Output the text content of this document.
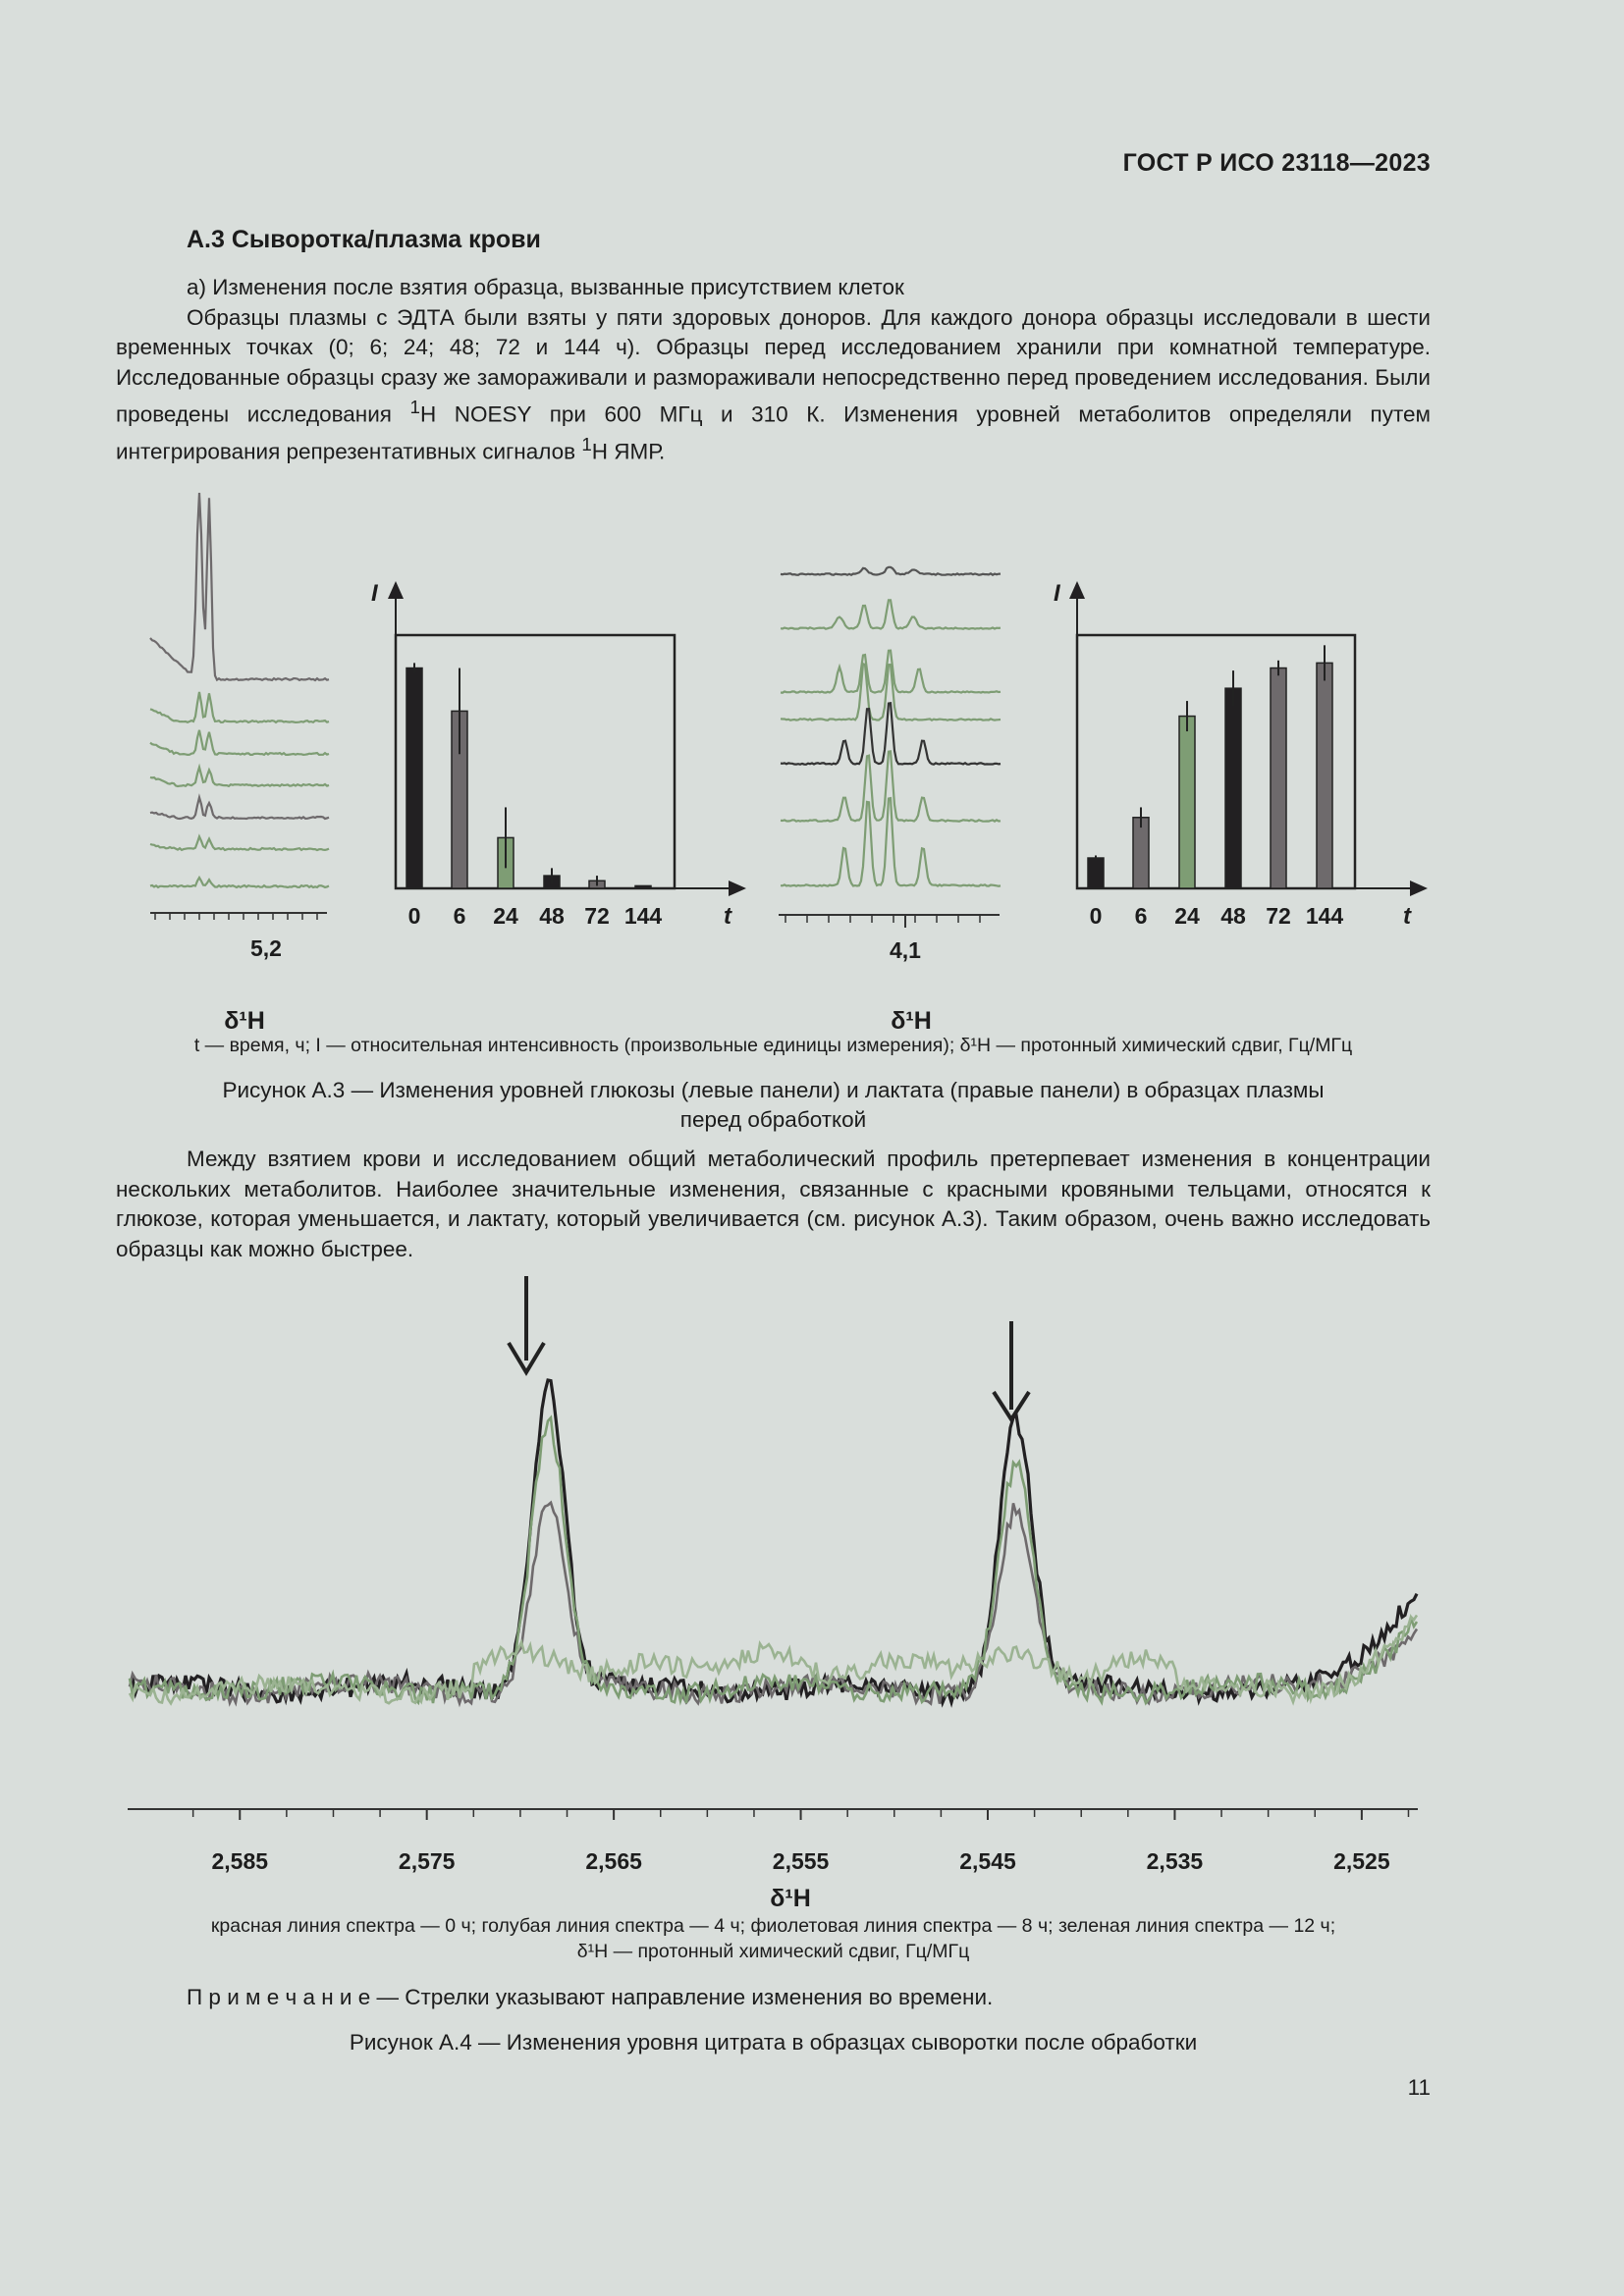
ГОСТ Р ИСО 23118—2023
А.3 Сыворотка/плазма крови

а) Изменения после взятия образца, вызванные присутствием клеток

Образцы плазмы с ЭДТА были взяты у пяти здоровых доноров. Для каждого донора образцы исследовали в шести временных точках (0; 6; 24; 48; 72 и 144 ч). Образцы перед исследованием хранили при комнатной температуре. Исследованные образцы сразу же замораживали и размораживали непосредственно перед проведением исследования. Были проведены исследования $^1$Н NOESY при 600 МГц и 310 К. Изменения уровней метаболитов определяли путем интегрирования репрезентативных сигналов $^1$Н ЯМР.

5,2
δ¹H
I
t
0 6 24 48 72 144
4,1
δ¹H
I
t
0 6 24 48 72 144
t — время, ч; I — относительная интенсивность (произвольные единицы измерения); δ¹H — протонный химический сдвиг, Гц/МГц
Рисунок А.3 — Изменения уровней глюкозы (левые панели) и лактата (правые панели) в образцах плазмы
перед обработкой

Между взятием крови и исследованием общий метаболический профиль претерпевает изменения в концентрации нескольких метаболитов. Наиболее значительные изменения, связанные с красными кровяными тельцами, относятся к глюкозе, которая уменьшается, и лактату, который увеличивается (см. рисунок А.3). Таким образом, очень важно исследовать образцы как можно быстрее.

2,585	2,575	2,565	2,555	2,545	2,535	2,525
δ¹H
красная линия спектра — 0 ч; голубая линия спектра — 4 ч; фиолетовая линия спектра — 8 ч; зеленая линия спектра — 12 ч;
δ¹H — протонный химический сдвиг, Гц/МГц
П р и м е ч а н и е — Стрелки указывают направление изменения во времени.
Рисунок А.4 — Изменения уровня цитрата в образцах сыворотки после обработки
11
